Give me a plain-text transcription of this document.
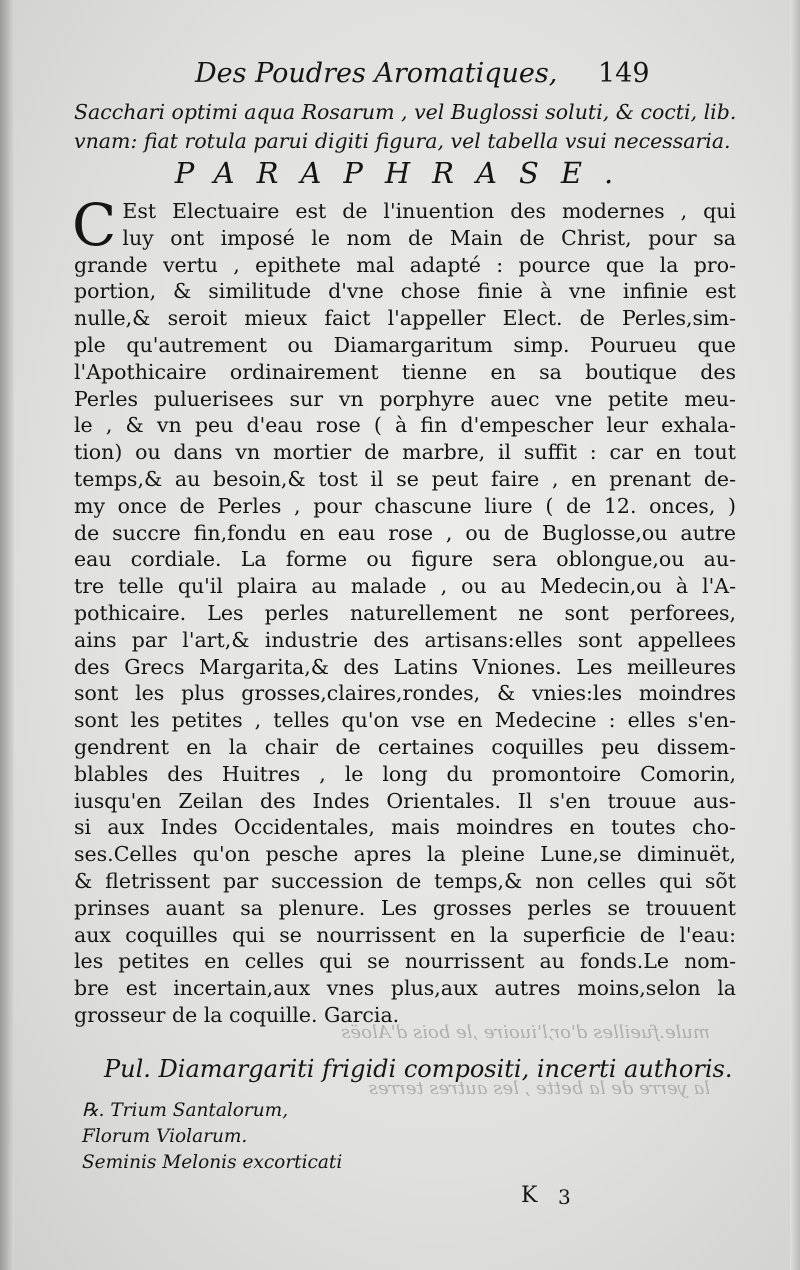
Des Poudres Aromatiques, 149
Sacchari optimi aqua Rosarum , vel Buglossi soluti, & cocti, lib.
vnam: fiat rotula parui digiti figura, vel tabella vsui necessaria.
PARAPHRASE.
C Est Electuaire est de l'inuention des modernes , qui
luy ont imposé le nom de Main de Christ, pour sa
grande vertu , epithete mal adapté : pource que la pro-
portion, & similitude d'vne chose finie à vne infinie est
nulle,& seroit mieux faict l'appeller Elect. de Perles,sim-
ple qu'autrement ou Diamargaritum simp. Pourueu que
l'Apothicaire ordinairement tienne en sa boutique des
Perles puluerisees sur vn porphyre auec vne petite meu-
le , & vn peu d'eau rose ( à fin d'empescher leur exhala-
tion) ou dans vn mortier de marbre, il suffit : car en tout
temps,& au besoin,& tost il se peut faire , en prenant de-
my once de Perles , pour chascune liure ( de 12. onces, )
de succre fin,fondu en eau rose , ou de Buglosse,ou autre
eau cordiale. La forme ou figure sera oblongue,ou au-
tre telle qu'il plaira au malade , ou au Medecin,ou à l'A-
pothicaire. Les perles naturellement ne sont perforees,
ains par l'art,& industrie des artisans:elles sont appellees
des Grecs Margarita,& des Latins Vniones. Les meilleures
sont les plus grosses,claires,rondes, & vnies:les moindres
sont les petites , telles qu'on vse en Medecine : elles s'en-
gendrent en la chair de certaines coquilles peu dissem-
blables des Huitres , le long du promontoire Comorin,
iusqu'en Zeilan des Indes Orientales. Il s'en trouue aus-
si aux Indes Occidentales, mais moindres en toutes cho-
ses.Celles qu'on pesche apres la pleine Lune,se diminuët,
& fletrissent par succession de temps,& non celles qui sõt
prinses auant sa plenure. Les grosses perles se trouuent
aux coquilles qui se nourrissent en la superficie de l'eau:
les petites en celles qui se nourrissent au fonds.Le nom-
bre est incertain,aux vnes plus,aux autres moins,selon la
grosseur de la coquille. Garcia.
mule.fueilles d'or,l'iuoire ,le bois d'Aloës
la yerre de la bette , les autres terres
Pul. Diamargariti frigidi compositi, incerti authoris.
℞. Trium Santalorum,
Florum Violarum.
Seminis Melonis excorticati
K 3
